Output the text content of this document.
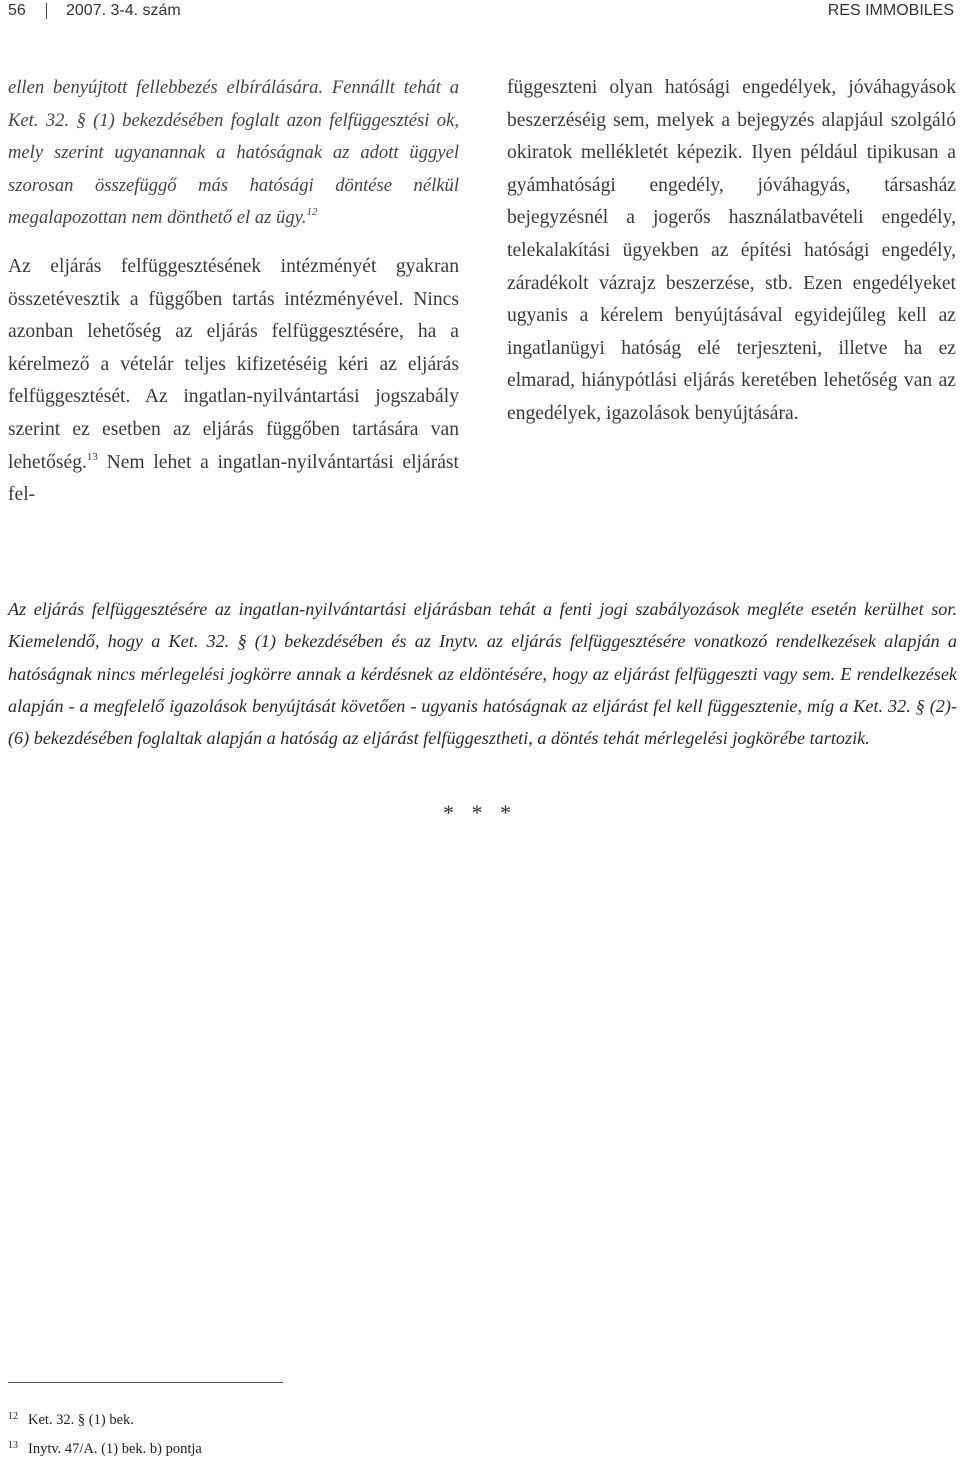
56	2007. 3-4. szám	RES IMMOBILES

ellen benyújtott fellebbezés elbírálására. Fennállt tehát a Ket. 32. § (1) bekezdésében foglalt azon felfüggesztési ok, mely szerint ugyanannak a hatóságnak az adott üggyel szorosan összefüggő más hatósági döntése nélkül megalapozottan nem dönthető el az ügy.$^{12}$

Az eljárás felfüggesztésének intézményét gyakran összetévesztik a függőben tartás intézményével. Nincs azonban lehetőség az eljárás felfüggesztésére, ha a kérelmező a vételár teljes kifizetéséig kéri az eljárás felfüggesztését. Az ingatlan-nyilvántartási jogszabály szerint ez esetben az eljárás függőben tartására van lehetőség.$^{13}$ Nem lehet a ingatlan-nyilvántartási eljárást fel-

függeszteni olyan hatósági engedélyek, jóváhagyások beszerzéséig sem, melyek a bejegyzés alapjául szolgáló okiratok mellékletét képezik. Ilyen például tipikusan a gyámhatósági engedély, jóváhagyás, társasház bejegyzésnél a jogerős használatbavételi engedély, telekalakítási ügyekben az építési hatósági engedély, záradékolt vázrajz beszerzése, stb. Ezen engedélyeket ugyanis a kérelem benyújtásával egyidejűleg kell az ingatlanügyi hatóság elé terjeszteni, illetve ha ez elmarad, hiánypótlási eljárás keretében lehetőség van az engedélyek, igazolások benyújtására.

Az eljárás felfüggesztésére az ingatlan-nyilvántartási eljárásban tehát a fenti jogi szabályozások megléte esetén kerülhet sor. Kiemelendő, hogy a Ket. 32. § (1) bekezdésében és az Inytv. az eljárás felfüggesztésére vonatkozó rendelkezések alapján a hatóságnak nincs mérlegelési jogkörre annak a kérdésnek az eldöntésére, hogy az eljárást felfüggeszti vagy sem. E rendelkezések alapján - a megfelelő igazolások benyújtását követően - ugyanis hatóságnak az eljárást fel kell függesztenie, míg a Ket. 32. § (2)-(6) bekezdésében foglaltak alapján a hatóság az eljárást felfüggesztheti, a döntés tehát mérlegelési jogkörébe tartozik.

* * *
$^{12}$ Ket. 32. § (1) bek.
$^{13}$ Inytv. 47/A. (1) bek. b) pontja
